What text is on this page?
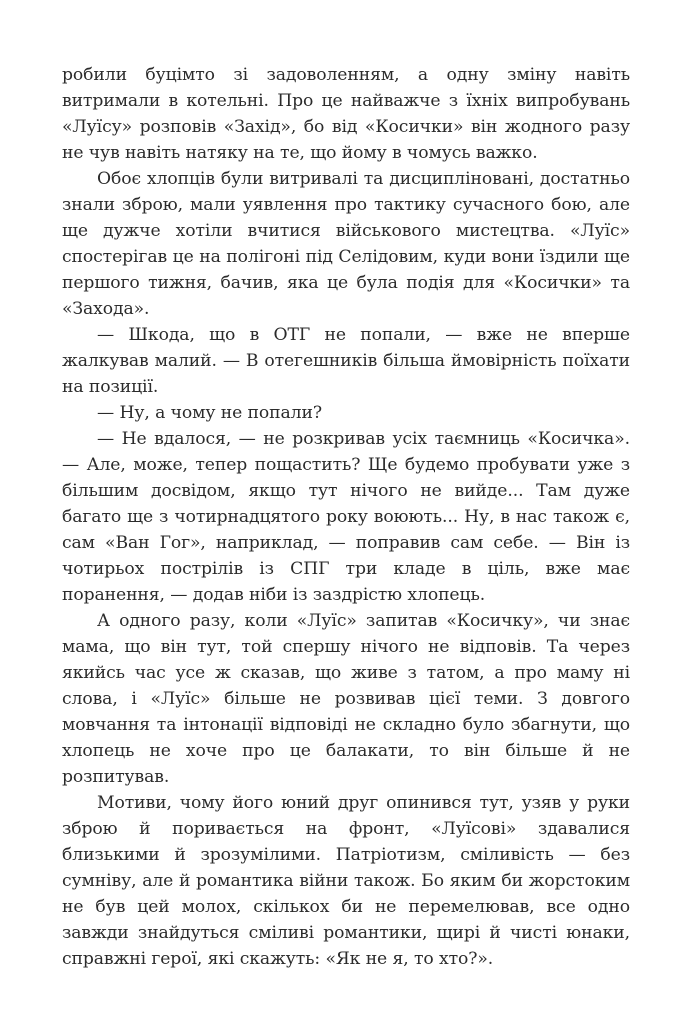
робили буцімто зі задоволенням, а одну зміну навіть витримали в котельні. Про це найважче з їхніх випробувань «Луїсу» розповів «Захід», бо від «Косички» він жодного разу не чув навіть натяку на те, що йому в чомусь важко.

Обоє хлопців були витривалі та дисципліновані, достатньо знали зброю, мали уявлення про тактику сучасного бою, але ще дужче хотіли вчитися військового мистецтва. «Луїс» спостерігав це на полігоні під Селідовим, куди вони їздили ще першого тижня, бачив, яка це була подія для «Косички» та «Захода».

— Шкода, що в ОТГ не попали, — вже не вперше жалкував малий. — В отегешників більша ймовірність поїхати на позиції.

— Ну, а чому не попали?

— Не вдалося, — не розкривав усіх таємниць «Косичка». — Але, може, тепер пощастить? Ще будемо пробувати уже з більшим досвідом, якщо тут нічого не вийде... Там дуже багато ще з чотирнадцятого року воюють... Ну, в нас також є, сам «Ван Гог», наприклад, — поправив сам себе. — Він із чотирьох пострілів із СПГ три кладе в ціль, вже має поранення, — додав ніби із заздрістю хлопець.

А одного разу, коли «Луїс» запитав «Косичку», чи знає мама, що він тут, той спершу нічого не відповів. Та через якийсь час усе ж сказав, що живе з татом, а про маму ні слова, і «Луїс» більше не розвивав цієї теми. З довгого мовчання та інтонації відповіді не складно було збагнути, що хлопець не хоче про це балакати, то він більше й не розпитував.

Мотиви, чому його юний друг опинився тут, узяв у руки зброю й поривається на фронт, «Луїсові» здавалися близькими й зрозумілими. Патріотизм, сміливість — без сумніву, але й романтика війни також. Бо яким би жорстоким не був цей молох, скількох би не перемелював, все одно завжди знайдуться сміливі романтики, щирі й чисті юнаки, справжні герої, які скажуть: «Як не я, то хто?».
